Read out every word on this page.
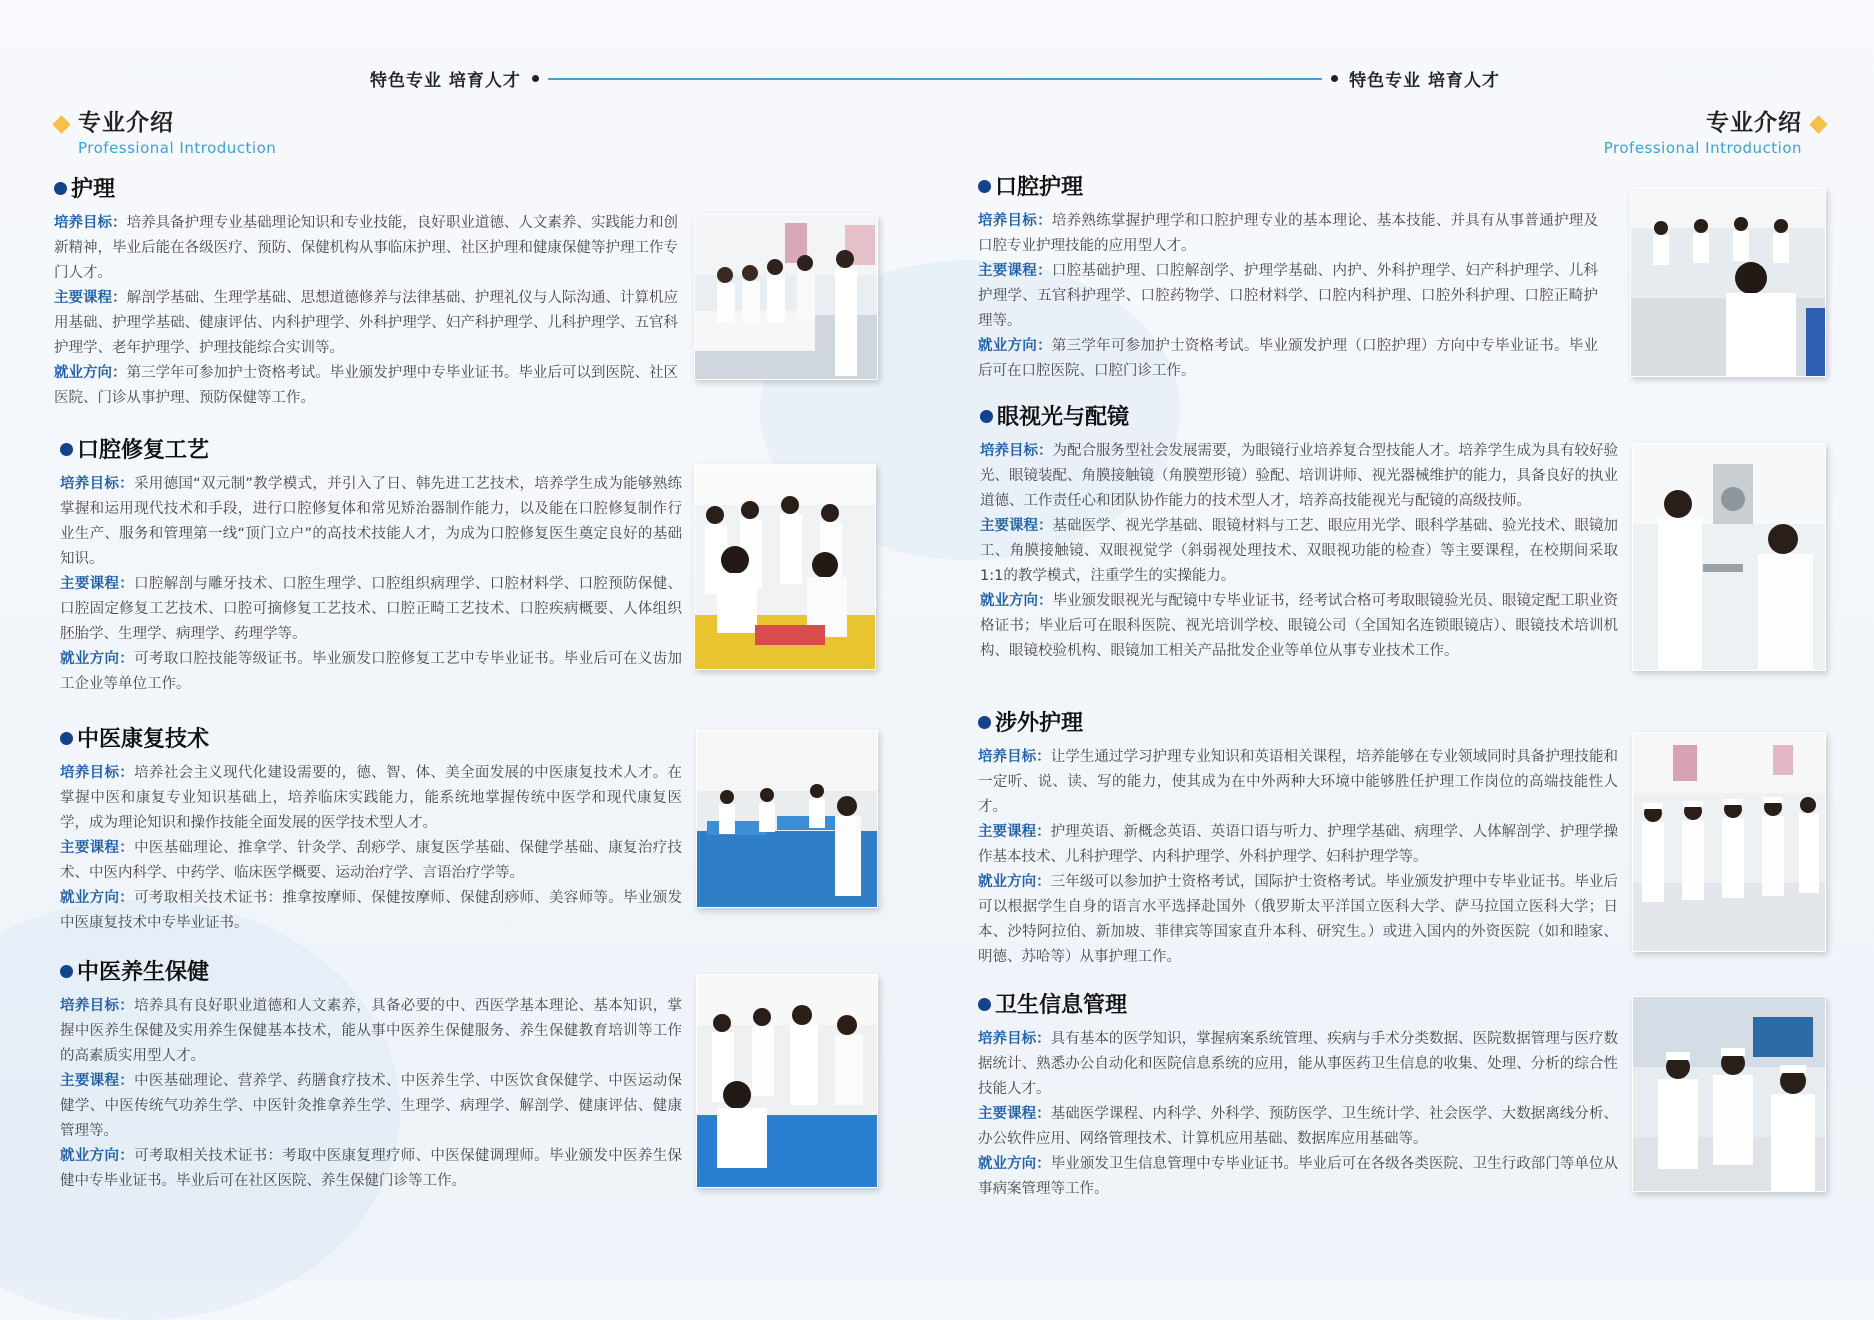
特色专业 培育人才	特色专业 培育人才
专业介绍
Professional Introduction
专业介绍
Professional Introduction
护理
培养目标：培养具备护理专业基础理论知识和专业技能，良好职业道德、人文素养、实践能力和创新精神，毕业后能在各级医疗、预防、保健机构从事临床护理、社区护理和健康保健等护理工作专门人才。
主要课程：解剖学基础、生理学基础、思想道德修养与法律基础、护理礼仪与人际沟通、计算机应用基础、护理学基础、健康评估、内科护理学、外科护理学、妇产科护理学、儿科护理学、五官科护理学、老年护理学、护理技能综合实训等。
就业方向：第三学年可参加护士资格考试。毕业颁发护理中专毕业证书。毕业后可以到医院、社区医院、门诊从事护理、预防保健等工作。
口腔修复工艺
培养目标：采用德国“双元制”教学模式，并引入了日、韩先进工艺技术，培养学生成为能够熟练掌握和运用现代技术和手段，进行口腔修复体和常见矫治器制作能力，以及能在口腔修复制作行业生产、服务和管理第一线“顶门立户”的高技术技能人才，为成为口腔修复医生奠定良好的基础知识。
主要课程：口腔解剖与雕牙技术、口腔生理学、口腔组织病理学、口腔材料学、口腔预防保健、口腔固定修复工艺技术、口腔可摘修复工艺技术、口腔正畸工艺技术、口腔疾病概要、人体组织胚胎学、生理学、病理学、药理学等。
就业方向：可考取口腔技能等级证书。毕业颁发口腔修复工艺中专毕业证书。毕业后可在义齿加工企业等单位工作。
中医康复技术
培养目标：培养社会主义现代化建设需要的，德、智、体、美全面发展的中医康复技术人才。在掌握中医和康复专业知识基础上，培养临床实践能力，能系统地掌握传统中医学和现代康复医学，成为理论知识和操作技能全面发展的医学技术型人才。
主要课程：中医基础理论、推拿学、针灸学、刮痧学、康复医学基础、保健学基础、康复治疗技术、中医内科学、中药学、临床医学概要、运动治疗学、言语治疗学等。
就业方向：可考取相关技术证书：推拿按摩师、保健按摩师、保健刮痧师、美容师等。毕业颁发中医康复技术中专毕业证书。
中医养生保健
培养目标：培养具有良好职业道德和人文素养，具备必要的中、西医学基本理论、基本知识，掌握中医养生保健及实用养生保健基本技术，能从事中医养生保健服务、养生保健教育培训等工作的高素质实用型人才。
主要课程：中医基础理论、营养学、药膳食疗技术、中医养生学、中医饮食保健学、中医运动保健学、中医传统气功养生学、中医针灸推拿养生学、生理学、病理学、解剖学、健康评估、健康管理等。
就业方向：可考取相关技术证书：考取中医康复理疗师、中医保健调理师。毕业颁发中医养生保健中专毕业证书。毕业后可在社区医院、养生保健门诊等工作。
口腔护理
培养目标：培养熟练掌握护理学和口腔护理专业的基本理论、基本技能、并具有从事普通护理及口腔专业护理技能的应用型人才。
主要课程：口腔基础护理、口腔解剖学、护理学基础、内护、外科护理学、妇产科护理学、儿科护理学、五官科护理学、口腔药物学、口腔材料学、口腔内科护理、口腔外科护理、口腔正畸护理等。
就业方向：第三学年可参加护士资格考试。毕业颁发护理（口腔护理）方向中专毕业证书。毕业后可在口腔医院、口腔门诊工作。
眼视光与配镜
培养目标：为配合服务型社会发展需要，为眼镜行业培养复合型技能人才。培养学生成为具有较好验光、眼镜装配、角膜接触镜（角膜塑形镜）验配、培训讲师、视光器械维护的能力，具备良好的执业道德、工作责任心和团队协作能力的技术型人才，培养高技能视光与配镜的高级技师。
主要课程：基础医学、视光学基础、眼镜材料与工艺、眼应用光学、眼科学基础、验光技术、眼镜加工、角膜接触镜、双眼视觉学（斜弱视处理技术、双眼视功能的检查）等主要课程，在校期间采取1:1的教学模式，注重学生的实操能力。
就业方向：毕业颁发眼视光与配镜中专毕业证书，经考试合格可考取眼镜验光员、眼镜定配工职业资格证书；毕业后可在眼科医院、视光培训学校、眼镜公司（全国知名连锁眼镜店）、眼镜技术培训机构、眼镜校验机构、眼镜加工相关产品批发企业等单位从事专业技术工作。
涉外护理
培养目标：让学生通过学习护理专业知识和英语相关课程，培养能够在专业领域同时具备护理技能和一定听、说、读、写的能力，使其成为在中外两种大环境中能够胜任护理工作岗位的高端技能性人才。
主要课程：护理英语、新概念英语、英语口语与听力、护理学基础、病理学、人体解剖学、护理学操作基本技术、儿科护理学、内科护理学、外科护理学、妇科护理学等。
就业方向：三年级可以参加护士资格考试，国际护士资格考试。毕业颁发护理中专毕业证书。毕业后可以根据学生自身的语言水平选择赴国外（俄罗斯太平洋国立医科大学、萨马拉国立医科大学；日本、沙特阿拉伯、新加坡、菲律宾等国家直升本科、研究生。）或进入国内的外资医院（如和睦家、明德、苏哈等）从事护理工作。
卫生信息管理
培养目标：具有基本的医学知识，掌握病案系统管理、疾病与手术分类数据、医院数据管理与医疗数据统计、熟悉办公自动化和医院信息系统的应用，能从事医药卫生信息的收集、处理、分析的综合性技能人才。
主要课程：基础医学课程、内科学、外科学、预防医学、卫生统计学、社会医学、大数据离线分析、办公软件应用、网络管理技术、计算机应用基础、数据库应用基础等。
就业方向：毕业颁发卫生信息管理中专毕业证书。毕业后可在各级各类医院、卫生行政部门等单位从事病案管理等工作。
